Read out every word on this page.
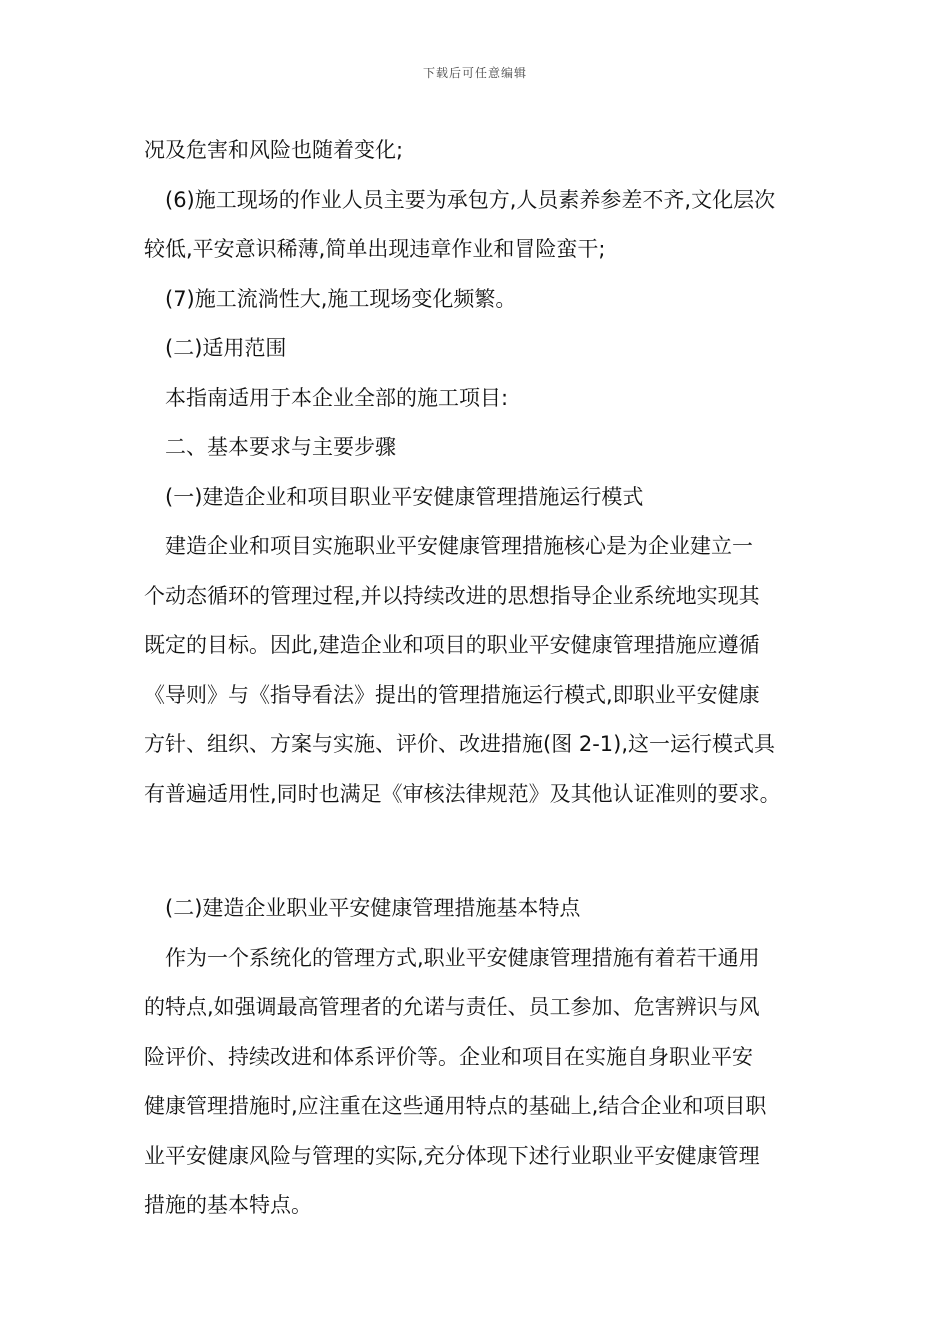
下载后可任意编辑
况及危害和风险也随着变化;
(6)施工现场的作业人员主要为承包方,人员素养参差不齐,文化层次
较低,平安意识稀薄,简单出现违章作业和冒险蛮干;
(7)施工流淌性大,施工现场变化频繁。
(二)适用范围
本指南适用于本企业全部的施工项目:
二、基本要求与主要步骤
(一)建造企业和项目职业平安健康管理措施运行模式
建造企业和项目实施职业平安健康管理措施核心是为企业建立一
个动态循环的管理过程,并以持续改进的思想指导企业系统地实现其
既定的目标。因此,建造企业和项目的职业平安健康管理措施应遵循
《导则》与《指导看法》提出的管理措施运行模式,即职业平安健康
方针、组织、方案与实施、评价、改进措施(图 2-1),这一运行模式具
有普遍适用性,同时也满足《审核法律规范》及其他认证准则的要求。
(二)建造企业职业平安健康管理措施基本特点
作为一个系统化的管理方式,职业平安健康管理措施有着若干通用
的特点,如强调最高管理者的允诺与责任、员工参加、危害辨识与风
险评价、持续改进和体系评价等。企业和项目在实施自身职业平安
健康管理措施时,应注重在这些通用特点的基础上,结合企业和项目职
业平安健康风险与管理的实际,充分体现下述行业职业平安健康管理
措施的基本特点。
